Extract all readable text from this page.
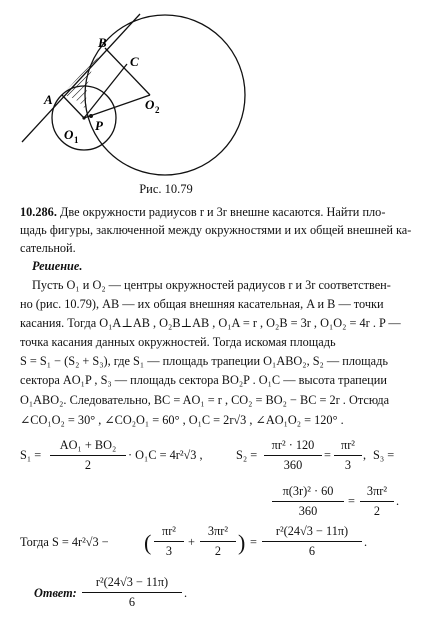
A
B
C
O 2
O 1
P
Рис. 10.79
10.286. Две окружности радиусов r и 3r внешне касаются. Найти пло-
щадь фигуры, заключенной между окружностями и их общей внешней ка-
сательной.
Решение.
Пусть O₁ и O₂ — центры окружностей радиусов r и 3r соответствен-
но (рис. 10.79), AB — их общая внешняя касательная, A и B — точки
касания. Тогда O₁A⊥AB , O₂B⊥AB , O₁A = r , O₂B = 3r , O₁O₂ = 4r . P —
точка касания данных окружностей. Тогда искомая площадь
S = S₁ − (S₂ + S₃), где S₁ — площадь трапеции O₁ABO₂, S₂ — площадь
сектора AO₁P , S₃ — площадь сектора BO₂P . O₁C — высота трапеции
O₁ABO₂. Следовательно, BC = AO₁ = r , CO₂ = BO₂ − BC = 2r . Отсюда
∠CO₁O₂ = 30° , ∠CO₂O₁ = 60° , O₁C = 2r√3 , ∠AO₁O₂ = 120° .
S₁ =
AO₁ + BO₂
2
· O₁C = 4r²√3 ,	S₂ =
πr² · 120
360
=
πr²
3
, S₃ =
Тогда S = 4r²√3 − ( πr²
3
+
3πr²
2 ) =
r²(24√3 − 11π)
6
.
π(3r)² · 60
360
=
3πr²
2
.
Ответ:
r²(24√3 − 11π)
6
.
